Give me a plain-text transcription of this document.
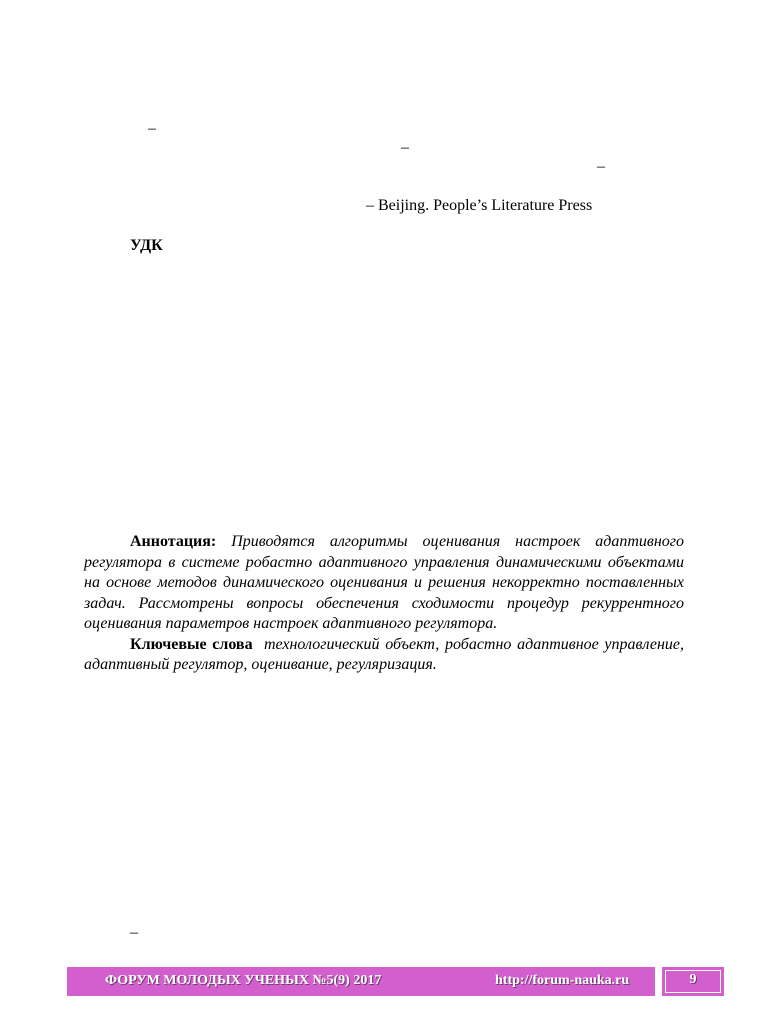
–
–
–
– Beijing. People’s Literature Press
УДК

Аннотация: Приводятся алгоритмы оценивания настроек адаптивного регулятора в системе робастно адаптивного управления динамическими объектами на основе методов динамического оценивания и решения некорректно поставленных задач. Рассмотрены вопросы обеспечения сходимости процедур рекуррентного оценивания параметров настроек адаптивного регулятора.

Ключевые слова технологический объект, робастно адаптивное управление, адаптивный регулятор, оценивание, регуляризация.

–
ФОРУМ МОЛОДЫХ УЧЕНЫХ №5(9) 2017	http://forum-nauka.ru	9
